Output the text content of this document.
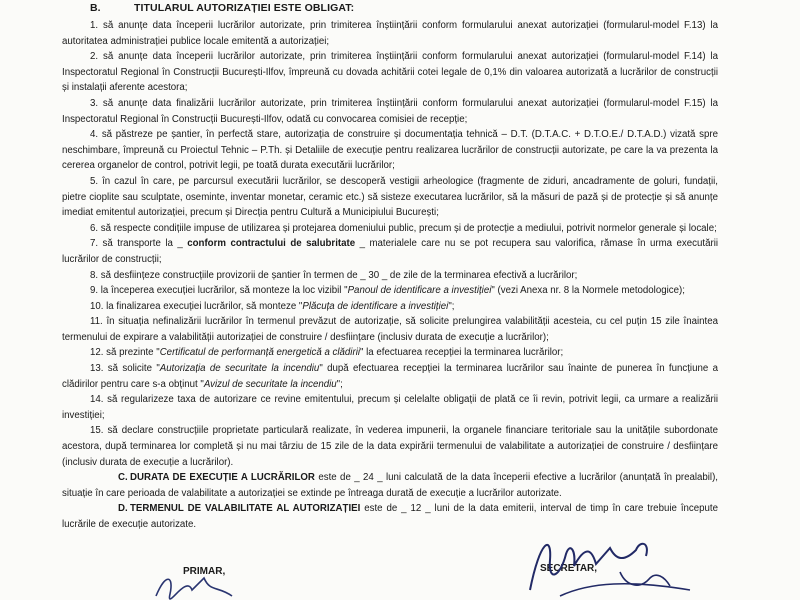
B.	TITULARUL AUTORIZAȚIEI ESTE OBLIGAT:

1. să anunțe data începerii lucrărilor autorizate, prin trimiterea înștiințării conform formularului anexat autorizației (formularul-model F.13) la autoritatea administrației publice locale emitentă a autorizației;

2. să anunțe data începerii lucrărilor autorizate, prin trimiterea înștiințării conform formularului anexat autorizației (formularul-model F.14) la Inspectoratul Regional în Construcții București-Ilfov, împreună cu dovada achitării cotei legale de 0,1% din valoarea autorizată a lucrărilor de construcții și instalații aferente acestora;

3. să anunțe data finalizării lucrărilor autorizate, prin trimiterea înștiințării conform formularului anexat autorizației (formularul-model F.15) la Inspectoratul Regional în Construcții București-Ilfov, odată cu convocarea comisiei de recepție;

4. să păstreze pe șantier, în perfectă stare, autorizația de construire și documentația tehnică – D.T. (D.T.A.C. + D.T.O.E./ D.T.A.D.) vizată spre neschimbare, împreună cu Proiectul Tehnic – P.Th. și Detaliile de execuție pentru realizarea lucrărilor de construcții autorizate, pe care la va prezenta la cererea organelor de control, potrivit legii, pe toată durata executării lucrărilor;

5. în cazul în care, pe parcursul executării lucrărilor, se descoperă vestigii arheologice (fragmente de ziduri, ancadramente de goluri, fundații, pietre cioplite sau sculptate, oseminte, inventar monetar, ceramic etc.) să sisteze executarea lucrărilor, să la măsuri de pază și de protecție și să anunțe imediat emitentul autorizației, precum și Direcția pentru Cultură a Municipiului București;

6. să respecte condițiile impuse de utilizarea și protejarea domeniului public, precum și de protecție a mediului, potrivit normelor generale și locale;

7. să transporte la _ conform contractului de salubritate _ materialele care nu se pot recupera sau valorifica, rămase în urma executării lucrărilor de construcții;

8. să desființeze construcțiile provizorii de șantier în termen de _ 30 _ de zile de la terminarea efectivă a lucrărilor;

9. la începerea execuției lucrărilor, să monteze la loc vizibil "Panoul de identificare a investiției" (vezi Anexa nr. 8 la Normele metodologice);

10. la finalizarea execuției lucrărilor, să monteze "Plăcuța de identificare a investiției";

11. în situația nefinalizării lucrărilor în termenul prevăzut de autorizație, să solicite prelungirea valabilității acesteia, cu cel puțin 15 zile înaintea termenului de expirare a valabilității autorizației de construire / desființare (inclusiv durata de execuție a lucrărilor);

12. să prezinte "Certificatul de performanță energetică a clădirii" la efectuarea recepției la terminarea lucrărilor;

13. să solicite "Autorizația de securitate la incendiu" după efectuarea recepției la terminarea lucrărilor sau înainte de punerea în funcțiune a clădirilor pentru care s-a obținut "Avizul de securitate la incendiu";

14. să regularizeze taxa de autorizare ce revine emitentului, precum și celelalte obligații de plată ce îi revin, potrivit legii, ca urmare a realizării investiției;

15. să declare construcțiile proprietate particulară realizate, în vederea impunerii, la organele financiare teritoriale sau la unitățile subordonate acestora, după terminarea lor completă și nu mai târziu de 15 zile de la data expirării termenului de valabilitate a autorizației de construire / desființare (inclusiv durata de execuție a lucrărilor).

C. DURATA DE EXECUȚIE A LUCRĂRILOR este de _ 24 _ luni calculată de la data începerii efective a lucrărilor (anunțată în prealabil), situație în care perioada de valabilitate a autorizației se extinde pe întreaga durată de execuție a lucrărilor autorizate.

D. TERMENUL DE VALABILITATE AL AUTORIZAȚIEI este de _ 12 _ luni de la data emiterii, interval de timp în care trebuie începute lucrările de execuție autorizate.

PRIMAR,	SECRETAR,
